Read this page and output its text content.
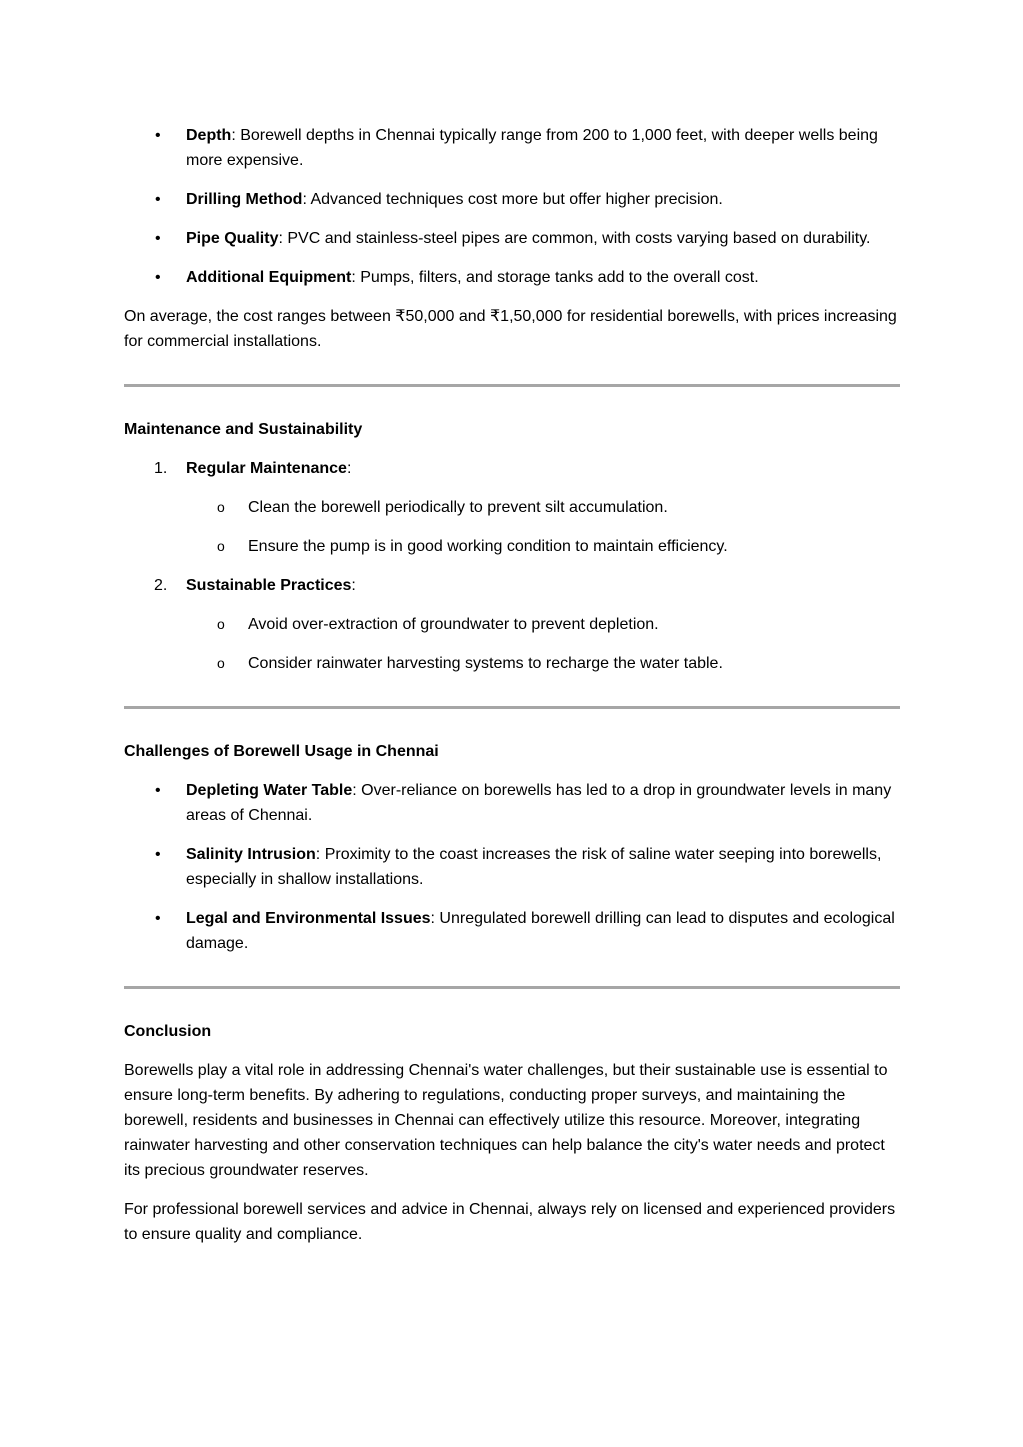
•	Depth: Borewell depths in Chennai typically range from 200 to 1,000 feet, with deeper wells being more expensive.
•	Drilling Method: Advanced techniques cost more but offer higher precision.
•	Pipe Quality: PVC and stainless-steel pipes are common, with costs varying based on durability.
•	Additional Equipment: Pumps, filters, and storage tanks add to the overall cost.

On average, the cost ranges between ₹50,000 and ₹1,50,000 for residential borewells, with prices increasing for commercial installations.

Maintenance and Sustainability
1. Regular Maintenance:
o Clean the borewell periodically to prevent silt accumulation.
o Ensure the pump is in good working condition to maintain efficiency.
2. Sustainable Practices:
o Avoid over-extraction of groundwater to prevent depletion.
o Consider rainwater harvesting systems to recharge the water table.
Challenges of Borewell Usage in Chennai
•	Depleting Water Table: Over-reliance on borewells has led to a drop in groundwater levels in many areas of Chennai.
•	Salinity Intrusion: Proximity to the coast increases the risk of saline water seeping into borewells, especially in shallow installations.
•	Legal and Environmental Issues: Unregulated borewell drilling can lead to disputes and ecological damage.
Conclusion

Borewells play a vital role in addressing Chennai's water challenges, but their sustainable use is essential to ensure long-term benefits. By adhering to regulations, conducting proper surveys, and maintaining the borewell, residents and businesses in Chennai can effectively utilize this resource. Moreover, integrating rainwater harvesting and other conservation techniques can help balance the city's water needs and protect its precious groundwater reserves.

For professional borewell services and advice in Chennai, always rely on licensed and experienced providers to ensure quality and compliance.
